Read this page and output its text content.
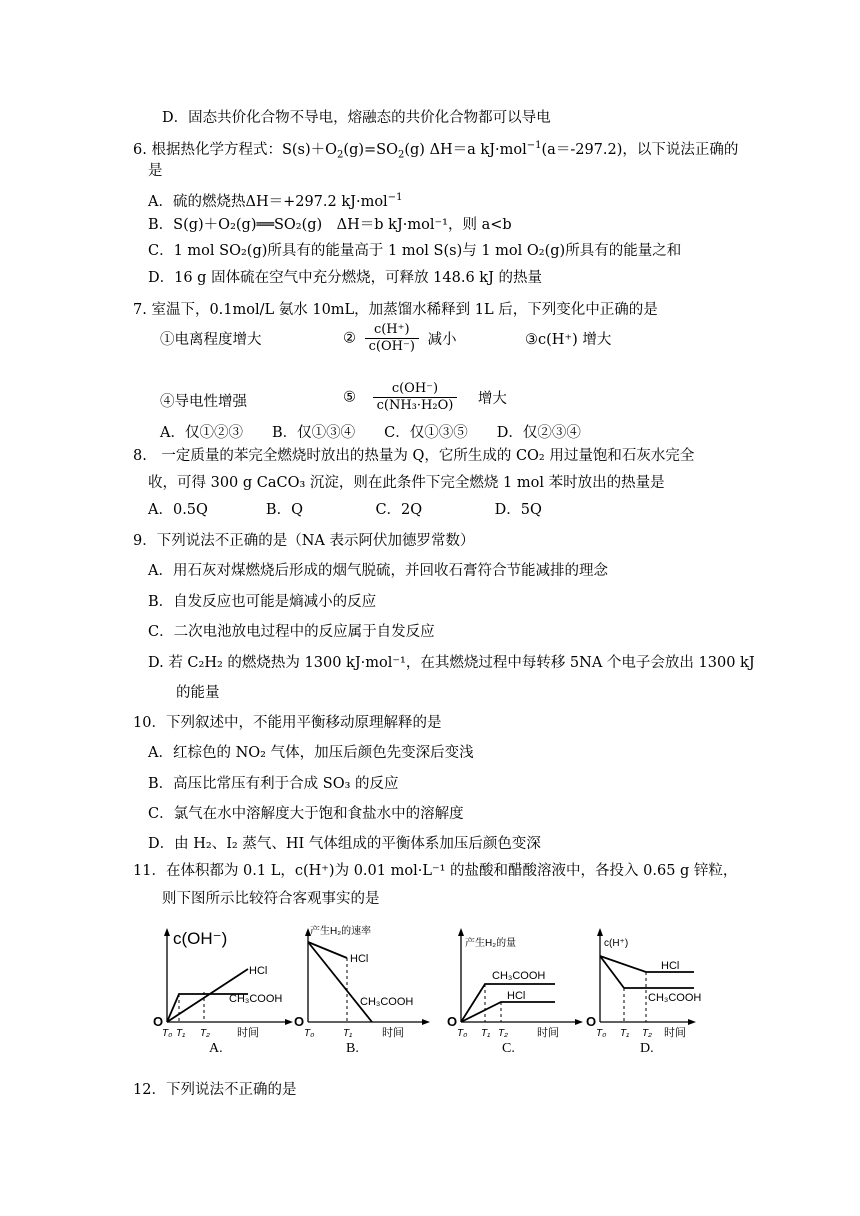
D．固态共价化合物不导电，熔融态的共价化合物都可以导电
6. 根据热化学方程式：$S(s)+O_2(g)=SO_2(g)$ ΔH＝a kJ·mol$^{-1}$(a＝-297.2)，以下说法正确的
是
A．硫的燃烧热ΔH＝+297.2 kJ·mol$^{-1}$
B．S(g)＋O₂(g)══SO₂(g)　ΔH＝b kJ·mol⁻¹，则 a<b
C．1 mol SO₂(g)所具有的能量高于 1 mol S(s)与 1 mol O₂(g)所具有的能量之和
D．16 g 固体硫在空气中充分燃烧，可释放 148.6 kJ 的热量
7. 室温下，0.1mol/L 氨水 10mL，加蒸馏水稀释到 1L 后，下列变化中正确的是
①电离程度增大	② $\frac{c(H^+)}{c(OH^-)}$ 减小	③c(H⁺) 增大
④导电性增强	⑤ $\frac{c(OH^-)}{\text{c(NH₃·H₂O)}}$ 增大
A．仅①②③　　B．仅①③④　　C．仅①③⑤　　D．仅②③④
8.　一定质量的苯完全燃烧时放出的热量为 Q，它所生成的 CO₂ 用过量饱和石灰水完全
收，可得 300 g CaCO₃ 沉淀，则在此条件下完全燃烧 1 mol 苯时放出的热量是
A．0.5Q　　　　B．Q　　　　　C．2Q　　　　　D．5Q
9．下列说法不正确的是（NA 表示阿伏加德罗常数）
A．用石灰对煤燃烧后形成的烟气脱硫，并回收石膏符合节能减排的理念
B．自发反应也可能是熵减小的反应
C．二次电池放电过程中的反应属于自发反应
D. 若 C₂H₂ 的燃烧热为 1300 kJ·mol⁻¹，在其燃烧过程中每转移 5NA 个电子会放出 1300 kJ
的能量
10．下列叙述中，不能用平衡移动原理解释的是
A．红棕色的 NO₂ 气体，加压后颜色先变深后变浅
B．高压比常压有利于合成 SO₃ 的反应
C．氯气在水中溶解度大于饱和食盐水中的溶解度
D．由 H₂、I₂ 蒸气、HI 气体组成的平衡体系加压后颜色变深
11．在体积都为 0.1 L，c(H⁺)为 0.01 mol·L⁻¹ 的盐酸和醋酸溶液中，各投入 0.65 g 锌粒，
则下图所示比较符合客观事实的是
c(OH⁻)
HCl
CH₃COOH
O
T₀ T₁ T₂ 时间
A.
产生H₂的速率
HCl
CH₃COOH
O
T₀	T₁	时间
B.
产生H₂的量
CH₃COOH
HCl
O
T₀ T₁ T₂	时间
C.
c(H⁺)
HCl
CH₃COOH
O
T₀ T₁ T₂ 时间
D.
12．下列说法不正确的是
